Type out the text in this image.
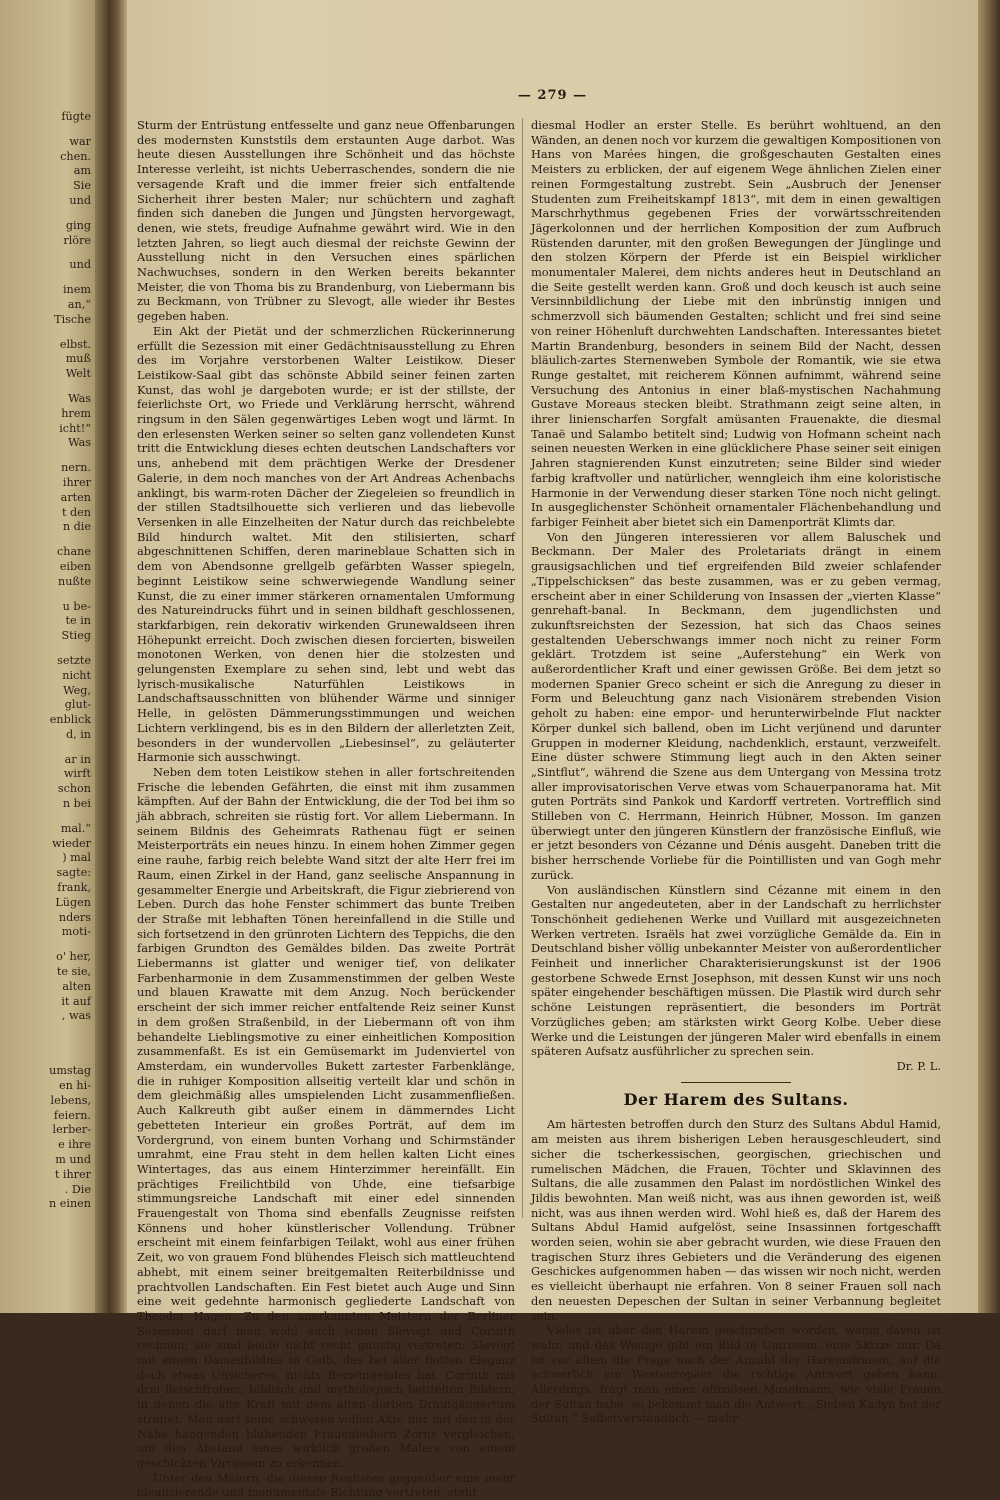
fügte
war
chen.
am
Sie
und
ging
rlöre
und
inem
an,“
Tische
elbst.
muß
Welt
Was
hrem
icht!“
Was
nern.
ihrer
arten
t den
n die
chane
eiben
nußte
u be-
te in
Stieg
setzte
nicht
Weg,
glut-
enblick
d, in
ar in
wirft
schon
n bei
mal.“
wieder
) mal
sagte:
frank,
Lügen
nders
moti-
o' her,
te sie,
alten
it auf
, was
umstag
en hi-
lebens,
feiern.
lerber-
e ihre
m und
t ihrer
. Die
n einen
— 279 —

Sturm der Entrüstung entfesselte und ganz neue Offenbarungen des modernsten Kunststils dem erstaunten Auge darbot. Was heute diesen Ausstellungen ihre Schönheit und das höchste Interesse verleiht, ist nichts Ueberraschendes, sondern die nie versagende Kraft und die immer freier sich entfaltende Sicherheit ihrer besten Maler; nur schüchtern und zaghaft finden sich daneben die Jungen und Jüngsten hervorgewagt, denen, wie stets, freudige Aufnahme gewährt wird. Wie in den letzten Jahren, so liegt auch diesmal der reichste Gewinn der Ausstellung nicht in den Versuchen eines spärlichen Nachwuchses, sondern in den Werken bereits bekannter Meister, die von Thoma bis zu Brandenburg, von Liebermann bis zu Beckmann, von Trübner zu Slevogt, alle wieder ihr Bestes gegeben haben.

Ein Akt der Pietät und der schmerzlichen Rückerinnerung erfüllt die Sezession mit einer Gedächtnisausstellung zu Ehren des im Vorjahre verstorbenen Walter Leistikow. Dieser Leistikow-Saal gibt das schönste Abbild seiner feinen zarten Kunst, das wohl je dargeboten wurde; er ist der stillste, der feierlichste Ort, wo Friede und Verklärung herrscht, während ringsum in den Sälen gegenwärtiges Leben wogt und lärmt. In den erlesensten Werken seiner so selten ganz vollendeten Kunst tritt die Entwicklung dieses echten deutschen Landschafters vor uns, anhebend mit dem prächtigen Werke der Dresdener Galerie, in dem noch manches von der Art Andreas Achenbachs anklingt, bis warm-roten Dächer der Ziegeleien so freundlich in der stillen Stadtsilhouette sich verlieren und das liebevolle Versenken in alle Einzelheiten der Natur durch das reichbelebte Bild hindurch waltet. Mit den stilisierten, scharf abgeschnittenen Schiffen, deren marineblaue Schatten sich in dem von Abendsonne grellgelb gefärbten Wasser spiegeln, beginnt Leistikow seine schwerwiegende Wandlung seiner Kunst, die zu einer immer stärkeren ornamentalen Umformung des Natureindrucks führt und in seinen bildhaft geschlossenen, starkfarbigen, rein dekorativ wirkenden Grunewaldseen ihren Höhepunkt erreicht. Doch zwischen diesen forcierten, bisweilen monotonen Werken, von denen hier die stolzesten und gelungensten Exemplare zu sehen sind, lebt und webt das lyrisch-musikalische Naturfühlen Leistikows in Landschaftsausschnitten von blühender Wärme und sinniger Helle, in gelösten Dämmerungsstimmungen und weichen Lichtern verklingend, bis es in den Bildern der allerletzten Zeit, besonders in der wundervollen „Liebesinsel“, zu geläuterter Harmonie sich ausschwingt.

Neben dem toten Leistikow stehen in aller fortschreitenden Frische die lebenden Gefährten, die einst mit ihm zusammen kämpften. Auf der Bahn der Entwicklung, die der Tod bei ihm so jäh abbrach, schreiten sie rüstig fort. Vor allem Liebermann. In seinem Bildnis des Geheimrats Rathenau fügt er seinen Meisterporträts ein neues hinzu. In einem hohen Zimmer gegen eine rauhe, farbig reich belebte Wand sitzt der alte Herr frei im Raum, einen Zirkel in der Hand, ganz seelische Anspannung in gesammelter Energie und Arbeitskraft, die Figur ziebrierend von Leben. Durch das hohe Fenster schimmert das bunte Treiben der Straße mit lebhaften Tönen hereinfallend in die Stille und sich fortsetzend in den grünroten Lichtern des Teppichs, die den farbigen Grundton des Gemäldes bilden. Das zweite Porträt Liebermanns ist glatter und weniger tief, von delikater Farbenharmonie in dem Zusammenstimmen der gelben Weste und blauen Krawatte mit dem Anzug. Noch berückender erscheint der sich immer reicher entfaltende Reiz seiner Kunst in dem großen Straßenbild, in der Liebermann oft von ihm behandelte Lieblingsmotive zu einer einheitlichen Komposition zusammenfaßt. Es ist ein Gemüsemarkt im Judenviertel von Amsterdam, ein wundervolles Bukett zartester Farbenklänge, die in ruhiger Komposition allseitig verteilt klar und schön in dem gleichmäßig alles umspielenden Licht zusammenfließen. Auch Kalkreuth gibt außer einem in dämmerndes Licht gebetteten Interieur ein großes Porträt, auf dem im Vordergrund, von einem bunten Vorhang und Schirmständer umrahmt, eine Frau steht in dem hellen kalten Licht eines Wintertages, das aus einem Hinterzimmer hereinfällt. Ein prächtiges Freilichtbild von Uhde, eine tiefsarbige stimmungsreiche Landschaft mit einer edel sinnenden Frauengestalt von Thoma sind ebenfalls Zeugnisse reifsten Könnens und hoher künstlerischer Vollendung. Trübner erscheint mit einem feinfarbigen Teilakt, wohl aus einer frühen Zeit, wo von grauem Fond blühendes Fleisch sich mattleuchtend abhebt, mit einem seiner breitgemalten Reiterbildnisse und prachtvollen Landschaften. Ein Fest bietet auch Auge und Sinn eine weit gedehnte harmonisch gegliederte Landschaft von Theodor Hagen. Zu den anerkannten Meistern der Berliner Sezession darf man wohl auch schon Slevogt und Corinth rechnen; sie sind beide nicht recht günstig vertreten; Slevogt mit einem Damenbildnis in Gelb, das bei aller flotten Eleganz doch etwas Unsicheres, nichts Bezwingendes hat, Corinth mit drei fleischfrohen, biblisch und mythologisch betitelten Bildern, in denen die alte Kraft mit dem alten derben Draufgängertum streitet. Man darf seine schweren vollen Akte nur mit den in der Nähe hängenden blühenden Frauenleibern Zorns vergleichen, um den Abstand eines wirklich großen Malers von einem geschickten Virtuosen zu erkennen.

Unter den Malern, die diesen Realisten gegenüber eine mehr idealisierende und monumentale Richtung vertreten, steht

diesmal Hodler an erster Stelle. Es berührt wohltuend, an den Wänden, an denen noch vor kurzem die gewaltigen Kompositionen von Hans von Marées hingen, die großgeschauten Gestalten eines Meisters zu erblicken, der auf eigenem Wege ähnlichen Zielen einer reinen Formgestaltung zustrebt. Sein „Ausbruch der Jenenser Studenten zum Freiheitskampf 1813“, mit dem in einen gewaltigen Marschrhythmus gegebenen Fries der vorwärtsschreitenden Jägerkolonnen und der herrlichen Komposition der zum Aufbruch Rüstenden darunter, mit den großen Bewegungen der Jünglinge und den stolzen Körpern der Pferde ist ein Beispiel wirklicher monumentaler Malerei, dem nichts anderes heut in Deutschland an die Seite gestellt werden kann. Groß und doch keusch ist auch seine Versinnbildlichung der Liebe mit den inbrünstig innigen und schmerzvoll sich bäumenden Gestalten; schlicht und frei sind seine von reiner Höhenluft durchwehten Landschaften. Interessantes bietet Martin Brandenburg, besonders in seinem Bild der Nacht, dessen bläulich-zartes Sternenweben Symbole der Romantik, wie sie etwa Runge gestaltet, mit reicherem Können aufnimmt, während seine Versuchung des Antonius in einer blaß-mystischen Nachahmung Gustave Moreaus stecken bleibt. Strathmann zeigt seine alten, in ihrer linienscharfen Sorgfalt amüsanten Frauenakte, die diesmal Tanaë und Salambo betitelt sind; Ludwig von Hofmann scheint nach seinen neuesten Werken in eine glücklichere Phase seiner seit einigen Jahren stagnierenden Kunst einzutreten; seine Bilder sind wieder farbig kraftvoller und natürlicher, wenngleich ihm eine koloristische Harmonie in der Verwendung dieser starken Töne noch nicht gelingt. In ausgeglichenster Schönheit ornamentaler Flächenbehandlung und farbiger Feinheit aber bietet sich ein Damenporträt Klimts dar.

Von den Jüngeren interessieren vor allem Baluschek und Beckmann. Der Maler des Proletariats drängt in einem grausigsachlichen und tief ergreifenden Bild zweier schlafender „Tippelschicksen“ das beste zusammen, was er zu geben vermag, erscheint aber in einer Schilderung von Insassen der „vierten Klasse“ genrehaft-banal. In Beckmann, dem jugendlichsten und zukunftsreichsten der Sezession, hat sich das Chaos seines gestaltenden Ueberschwangs immer noch nicht zu reiner Form geklärt. Trotzdem ist seine „Auferstehung“ ein Werk von außerordentlicher Kraft und einer gewissen Größe. Bei dem jetzt so modernen Spanier Greco scheint er sich die Anregung zu dieser in Form und Beleuchtung ganz nach Visionärem strebenden Vision geholt zu haben: eine empor- und herunterwirbelnde Flut nackter Körper dunkel sich ballend, oben im Licht verjünend und darunter Gruppen in moderner Kleidung, nachdenklich, erstaunt, verzweifelt. Eine düster schwere Stimmung liegt auch in den Akten seiner „Sintflut“, während die Szene aus dem Untergang von Messina trotz aller improvisatorischen Verve etwas vom Schauerpanorama hat. Mit guten Porträts sind Pankok und Kardorff vertreten. Vortrefflich sind Stilleben von C. Herrmann, Heinrich Hübner, Mosson. Im ganzen überwiegt unter den jüngeren Künstlern der französische Einfluß, wie er jetzt besonders von Cézanne und Dénis ausgeht. Daneben tritt die bisher herrschende Vorliebe für die Pointillisten und van Gogh mehr zurück.

Von ausländischen Künstlern sind Cézanne mit einem in den Gestalten nur angedeuteten, aber in der Landschaft zu herrlichster Tonschönheit gediehenen Werke und Vuillard mit ausgezeichneten Werken vertreten. Israëls hat zwei vorzügliche Gemälde da. Ein in Deutschland bisher völlig unbekannter Meister von außerordentlicher Feinheit und innerlicher Charakterisierungskunst ist der 1906 gestorbene Schwede Ernst Josephson, mit dessen Kunst wir uns noch später eingehender beschäftigen müssen. Die Plastik wird durch sehr schöne Leistungen repräsentiert, die besonders im Porträt Vorzügliches geben; am stärksten wirkt Georg Kolbe. Ueber diese Werke und die Leistungen der jüngeren Maler wird ebenfalls in einem späteren Aufsatz ausführlicher zu sprechen sein.

Dr. P. L.
Der Harem des Sultans.

Am härtesten betroffen durch den Sturz des Sultans Abdul Hamid, am meisten aus ihrem bisherigen Leben herausgeschleudert, sind sicher die tscherkessischen, georgischen, griechischen und rumelischen Mädchen, die Frauen, Töchter und Sklavinnen des Sultans, die alle zusammen den Palast im nordöstlichen Winkel des Jildis bewohnten. Man weiß nicht, was aus ihnen geworden ist, weiß nicht, was aus ihnen werden wird. Wohl hieß es, daß der Harem des Sultans Abdul Hamid aufgelöst, seine Insassinnen fortgeschafft worden seien, wohin sie aber gebracht wurden, wie diese Frauen den tragischen Sturz ihres Gebieters und die Veränderung des eigenen Geschickes aufgenommen haben — das wissen wir noch nicht, werden es vielleicht überhaupt nie erfahren. Von 8 seiner Frauen soll nach den neuesten Depeschen der Sultan in seiner Verbannung begleitet sein.

Vieles ist über den Harem geschrieben worden, wenig davon ist wahr, und das Wenige gibt ein Bild in Umrissen, eine Skizze nur. Da ist vor allem die Frage nach der Anzahl der Haremsfrauen, auf die schwerlich ein Westeuropäer die richtige Antwort geben kann. Allerdings, fragt man einen offiziösen Muselmann, wie viele Frauen der Sultan habe, so bekommt man die Antwort: „Sieben Kadyn hat der Sultan.“ Selbstverständlich — mehr
